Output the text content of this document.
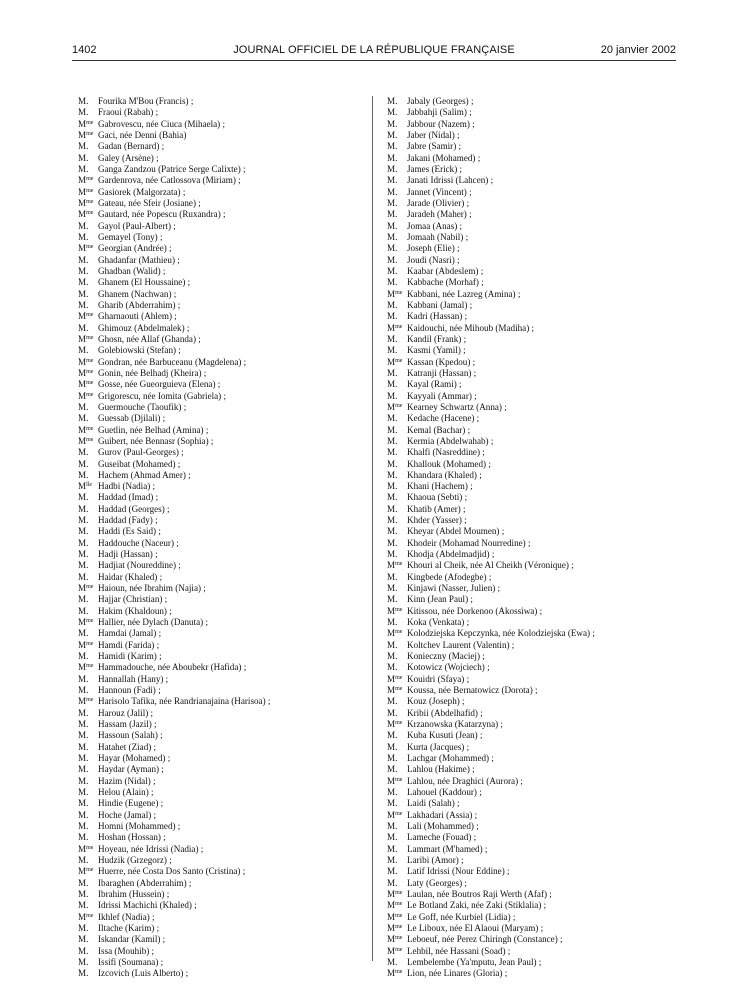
1402	JOURNAL OFFICIEL DE LA RÉPUBLIQUE FRANÇAISE	20 janvier 2002
M. Fourika M'Bou (Francis) ;
M. Fraoui (Rabah) ;
$M^{me}$ Gabrovescu, née Ciuca (Mihaela) ;
$M^{me}$ Gaci, née Denni (Bahia)
M. Gadan (Bernard) ;
M. Galey (Arsène) ;
M. Ganga Zandzou (Patrice Serge Calixte) ;
$M^{me}$ Gardenrova, née Catlossova (Miriam) ;
$M^{me}$ Gasiorek (Malgorzata) ;
$M^{me}$ Gateau, née Sfeir (Josiane) ;
$M^{me}$ Gautard, née Popescu (Ruxandra) ;
M. Gayol (Paul-Albert) ;
M. Gemayel (Tony) ;
$M^{me}$ Georgian (Andrée) ;
M. Ghadanfar (Mathieu) ;
M. Ghadban (Walid) ;
M. Ghanem (El Houssaine) ;
M. Ghanem (Nachwan) ;
M. Gharib (Abderrahim) ;
$M^{me}$ Gharnaouti (Ahlem) ;
M. Ghimouz (Abdelmalek) ;
$M^{me}$ Ghosn, née Allaf (Ghanda) ;
M. Golebiowski (Stefan) ;
$M^{me}$ Gondran, née Barbuceanu (Magdelena) ;
$M^{me}$ Gonin, née Belhadj (Kheira) ;
$M^{me}$ Gosse, née Gueorguieva (Elena) ;
$M^{me}$ Grigorescu, née Iomita (Gabriela) ;
M. Guermouche (Taoufik) ;
M. Guessab (Djilali) ;
$M^{me}$ Guetlin, née Belhad (Amina) ;
$M^{me}$ Guibert, née Bennasr (Sophia) ;
M. Gurov (Paul-Georges) ;
M. Guseibat (Mohamed) ;
M. Hachem (Ahmad Amer) ;
$M^{lle}$ Hadbi (Nadia) ;
M. Haddad (Imad) ;
M. Haddad (Georges) ;
M. Haddad (Fady) ;
M. Haddi (Es Said) ;
M. Haddouche (Naceur) ;
M. Hadji (Hassan) ;
M. Hadjiat (Noureddine) ;
M. Haidar (Khaled) ;
$M^{me}$ Haioun, née Ibrahim (Najia) ;
M. Hajjar (Christian) ;
M. Hakim (Khaldoun) ;
$M^{me}$ Hallier, née Dylach (Danuta) ;
M. Hamdai (Jamal) ;
$M^{me}$ Hamdi (Farida) ;
M. Hamidi (Karim) ;
$M^{me}$ Hammadouche, née Aboubekr (Hafida) ;
M. Hannallah (Hany) ;
M. Hannoun (Fadi) ;
$M^{me}$ Harisolo Tafika, née Randrianajaina (Harisoa) ;
M. Harouz (Jalil) ;
M. Hassam (Jazil) ;
M. Hassoun (Salah) ;
M. Hatahet (Ziad) ;
M. Hayar (Mohamed) ;
M. Haydar (Ayman) ;
M. Hazim (Nidal) ;
M. Helou (Alain) ;
M. Hindie (Eugene) ;
M. Hoche (Jamal) ;
M. Homni (Mohammed) ;
M. Hoshan (Hossan) ;
$M^{me}$ Hoyeau, née Idrissi (Nadia) ;
M. Hudzik (Grzegorz) ;
$M^{me}$ Huerre, née Costa Dos Santo (Cristina) ;
M. Ibaraghen (Abderrahim) ;
M. Ibrahim (Hussein) ;
M. Idrissi Machichi (Khaled) ;
$M^{me}$ Ikhlef (Nadia) ;
M. Iltache (Karim) ;
M. Iskandar (Kamil) ;
M. Issa (Mouhib) ;
M. Issifi (Soumana) ;
M. Izcovich (Luis Alberto) ;
M. Jabaly (Georges) ;
M. Jabbahji (Salim) ;
M. Jabbour (Nazem) ;
M. Jaber (Nidal) ;
M. Jabre (Samir) ;
M. Jakani (Mohamed) ;
M. James (Erick) ;
M. Janati Idrissi (Lahcen) ;
M. Jannet (Vincent) ;
M. Jarade (Olivier) ;
M. Jaradeh (Maher) ;
M. Jomaa (Anas) ;
M. Jomaah (Nabil) ;
M. Joseph (Elie) ;
M. Joudi (Nasri) ;
M. Kaabar (Abdeslem) ;
M. Kabbache (Morhaf) ;
$M^{me}$ Kabbani, née Lazreg (Amina) ;
M. Kabbani (Jamal) ;
M. Kadri (Hassan) ;
$M^{me}$ Kaidouchi, née Mihoub (Madiha) ;
M. Kandil (Frank) ;
M. Kasmi (Yamil) ;
$M^{me}$ Kassan (Kpedou) ;
M. Katranji (Hassan) ;
M. Kayal (Rami) ;
M. Kayyali (Ammar) ;
$M^{me}$ Kearney Schwartz (Anna) ;
M. Kedache (Hacene) ;
M. Kemal (Bachar) ;
M. Kermia (Abdelwahab) ;
M. Khalfi (Nasreddine) ;
M. Khallouk (Mohamed) ;
M. Khandara (Khaled) ;
M. Khani (Hachem) ;
M. Khaoua (Sebti) ;
M. Khatib (Amer) ;
M. Khder (Yasser) ;
M. Kheyar (Abdel Moumen) ;
M. Khodeir (Mohamad Nourredine) ;
M. Khodja (Abdelmadjid) ;
$M^{me}$ Khouri al Cheik, née Al Cheikh (Véronique) ;
M. Kingbede (Afodegbe) ;
M. Kinjawi (Nasser, Julien) ;
M. Kinn (Jean Paul) ;
$M^{me}$ Kitissou, née Dorkenoo (Akossiwa) ;
M. Koka (Venkata) ;
$M^{me}$ Kolodziejska Kepczynka, née Kolodziejska (Ewa) ;
M. Koltchev Laurent (Valentin) ;
M. Konieczny (Maciej) ;
M. Kotowicz (Wojciech) ;
$M^{me}$ Kouidri (Sfaya) ;
$M^{me}$ Koussa, née Bernatowicz (Dorota) ;
M. Kouz (Joseph) ;
M. Kribii (Abdelhafid) ;
$M^{me}$ Krzanowska (Katarzyna) ;
M. Kuba Kusuti (Jean) ;
M. Kurta (Jacques) ;
M. Lachgar (Mohammed) ;
M. Lahlou (Hakime) ;
$M^{me}$ Lahlou, née Draghici (Aurora) ;
M. Lahouel (Kaddour) ;
M. Laidi (Salah) ;
$M^{me}$ Lakhadari (Assia) ;
M. Lali (Mohammed) ;
M. Lameche (Fouad) ;
M. Lammart (M'hamed) ;
M. Laribi (Amor) ;
M. Latif Idrissi (Nour Eddine) ;
M. Laty (Georges) ;
$M^{me}$ Laulan, née Boutros Raji Werth (Afaf) ;
$M^{me}$ Le Botland Zaki, née Zaki (Stiklalia) ;
$M^{me}$ Le Goff, née Kurbiel (Lidia) ;
$M^{me}$ Le Liboux, née El Alaoui (Maryam) ;
$M^{me}$ Leboeuf, née Perez Chiringh (Constance) ;
$M^{me}$ Lehbil, née Hassani (Soad) ;
M. Lembelembe (Ya'mputu, Jean Paul) ;
$M^{me}$ Lion, née Linares (Gloria) ;
